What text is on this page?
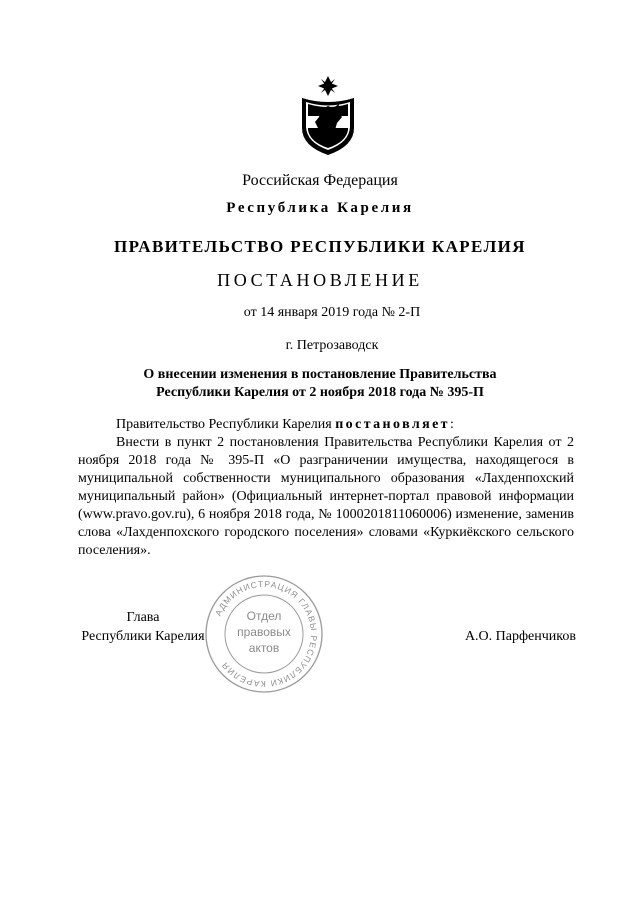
Российская Федерация
Республика Карелия
ПРАВИТЕЛЬСТВО РЕСПУБЛИКИ КАРЕЛИЯ
ПОСТАНОВЛЕНИЕ
от 14 января 2019 года № 2-П
г. Петрозаводск
О внесении изменения в постановление Правительства
Республики Карелия от 2 ноября 2018 года № 395-П
Правительство Республики Карелия постановляет:
Внести в пункт 2 постановления Правительства Республики Карелия от 2 ноября 2018 года № 395-П «О разграничении имущества, находящегося в муниципальной собственности муниципального образования «Лахденпохский муниципальный район» (Официальный интернет-портал правовой информации (www.pravo.gov.ru), 6 ноября 2018 года, № 1000201811060006) изменение, заменив слова «Лахденпохского городского поселения» словами «Куркиёкского сельского поселения».
Глава
Республики Карелия
АДМИНИСТРАЦИЯ ГЛАВЫ РЕСПУБЛИКИ КАРЕЛИЯ
Отдел
правовых
актов
А.О. Парфенчиков
